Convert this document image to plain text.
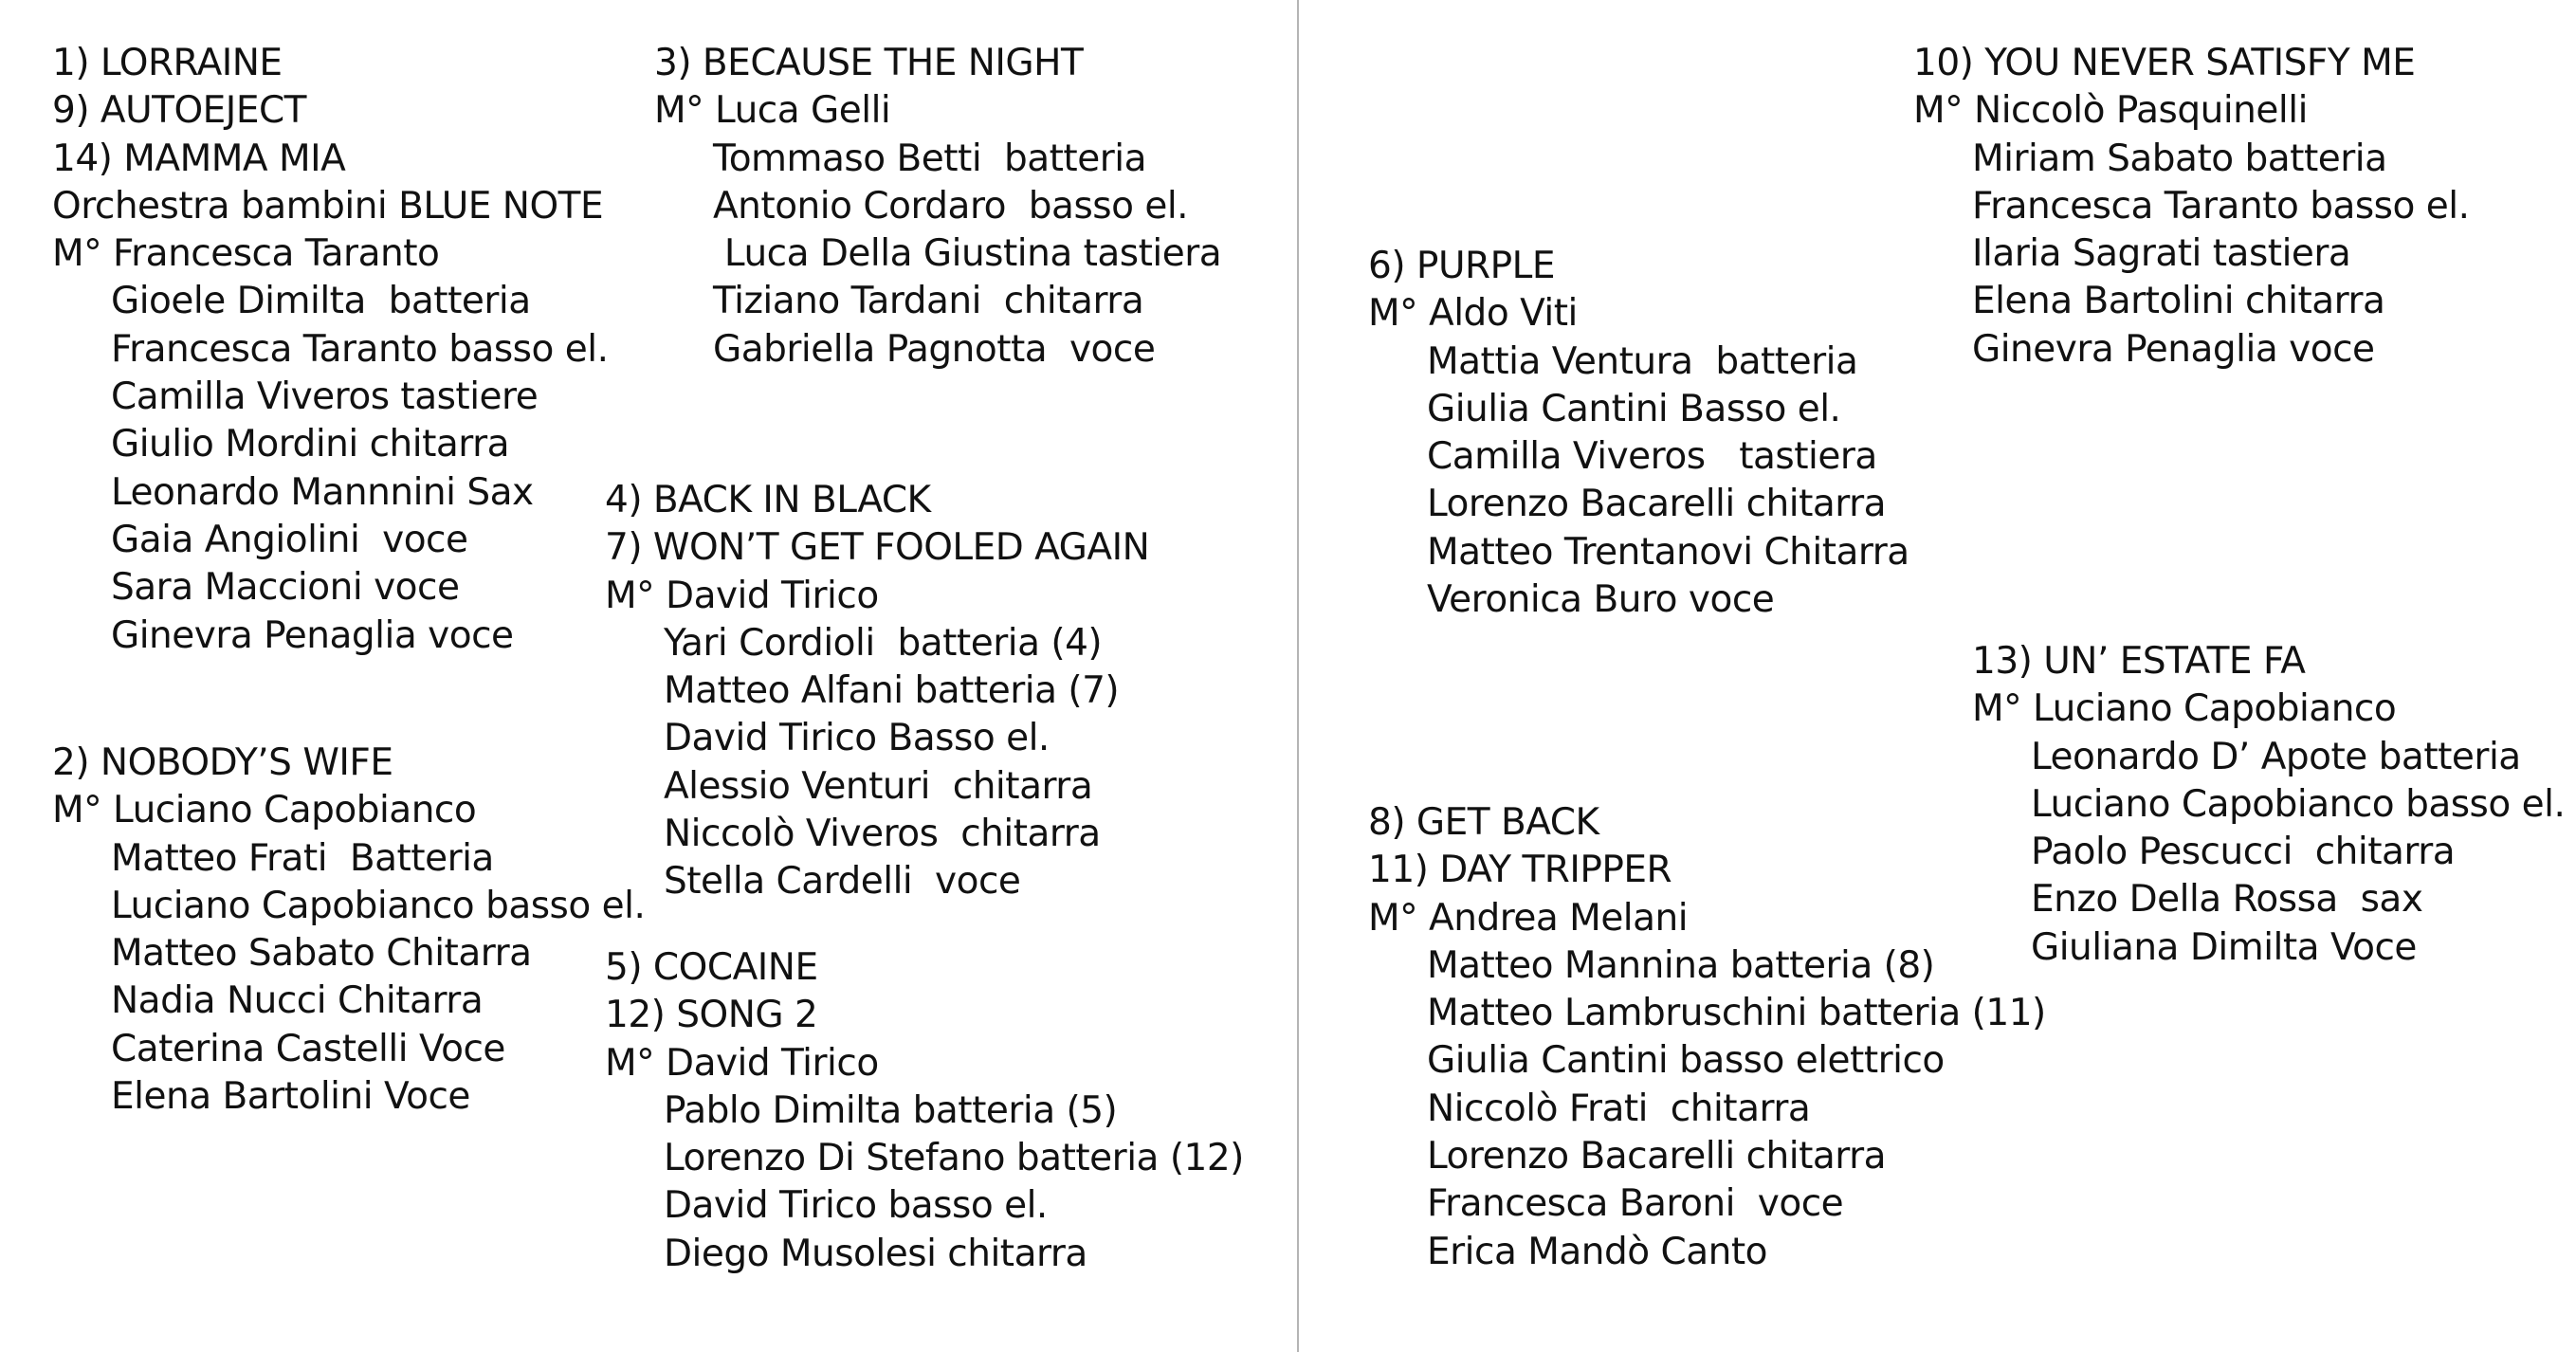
1) LORRAINE
9) AUTOEJECT
14) MAMMA MIA
Orchestra bambini BLUE NOTE
M° Francesca Taranto
Gioele Dimilta  batteria
Francesca Taranto basso el.
Camilla Viveros tastiere
Giulio Mordini chitarra
Leonardo Mannnini Sax
Gaia Angiolini  voce
Sara Maccioni voce
Ginevra Penaglia voce
2) NOBODY’S WIFE
M° Luciano Capobianco
Matteo Frati  Batteria
Luciano Capobianco basso el.
Matteo Sabato Chitarra
Nadia Nucci Chitarra
Caterina Castelli Voce
Elena Bartolini Voce
3) BECAUSE THE NIGHT
M° Luca Gelli
Tommaso Betti  batteria
Antonio Cordaro  basso el.
Luca Della Giustina tastiera
Tiziano Tardani  chitarra
Gabriella Pagnotta  voce
4) BACK IN BLACK
7) WON’T GET FOOLED AGAIN
M° David Tirico
Yari Cordioli  batteria (4)
Matteo Alfani batteria (7)
David Tirico Basso el.
Alessio Venturi  chitarra
Niccolò Viveros  chitarra
Stella Cardelli  voce
5) COCAINE
12) SONG 2
M° David Tirico
Pablo Dimilta batteria (5)
Lorenzo Di Stefano batteria (12)
David Tirico basso el.
Diego Musolesi chitarra
6) PURPLE
M° Aldo Viti
Mattia Ventura  batteria
Giulia Cantini Basso el.
Camilla Viveros   tastiera
Lorenzo Bacarelli chitarra
Matteo Trentanovi Chitarra
Veronica Buro voce
8) GET BACK
11) DAY TRIPPER
M° Andrea Melani
Matteo Mannina batteria (8)
Matteo Lambruschini batteria (11)
Giulia Cantini basso elettrico
Niccolò Frati  chitarra
Lorenzo Bacarelli chitarra
Francesca Baroni  voce
Erica Mandò Canto
10) YOU NEVER SATISFY ME
M° Niccolò Pasquinelli
Miriam Sabato batteria
Francesca Taranto basso el.
Ilaria Sagrati tastiera
Elena Bartolini chitarra
Ginevra Penaglia voce
13) UN’ ESTATE FA
M° Luciano Capobianco
Leonardo D’ Apote batteria
Luciano Capobianco basso el.
Paolo Pescucci  chitarra
Enzo Della Rossa  sax
Giuliana Dimilta Voce
